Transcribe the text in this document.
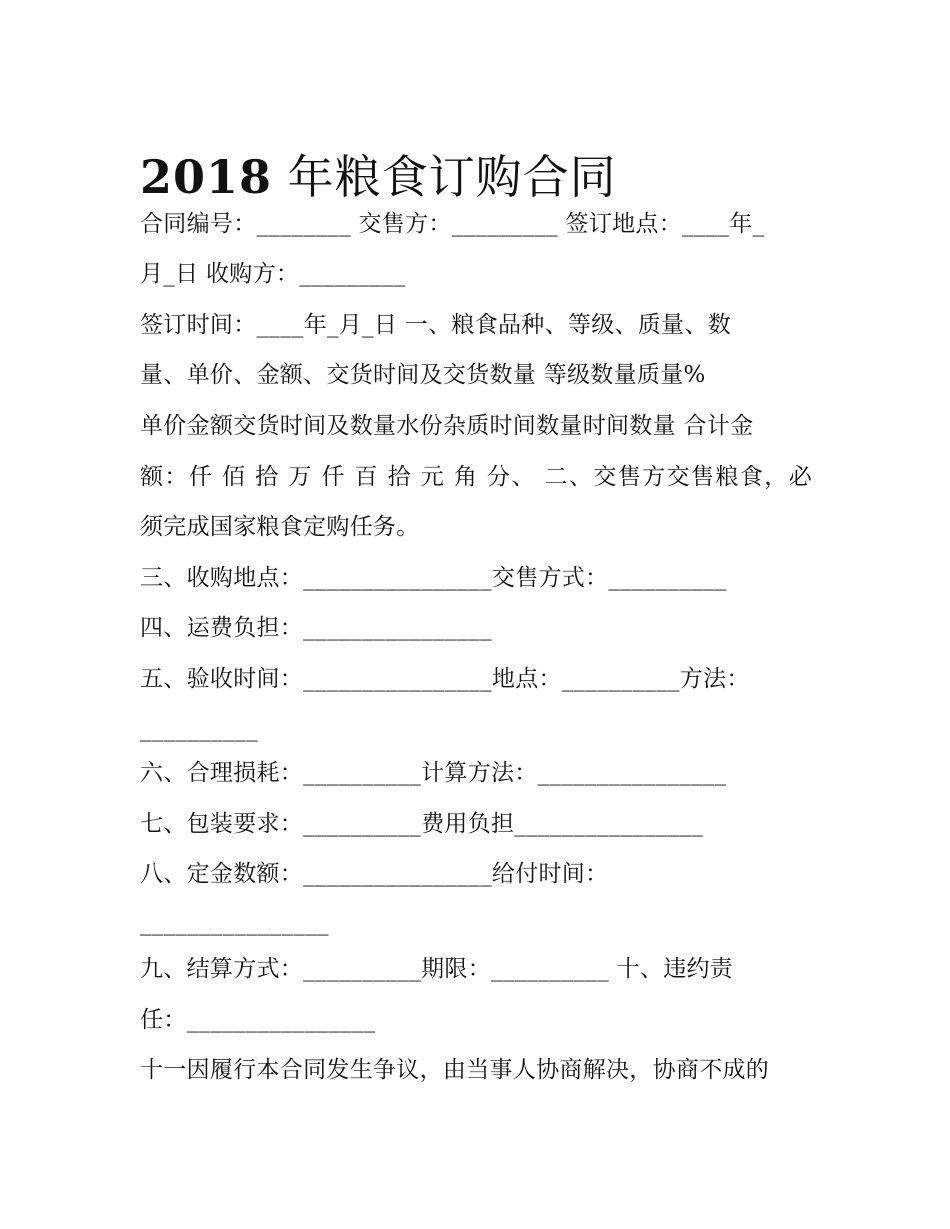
2018 年粮食订购合同
合同编号：________ 交售方：_________ 签订地点：____年_
月_日 收购方：_________
签订时间：____年_月_日 一、粮食品种、等级、质量、数
量、单价、金额、交货时间及交货数量 等级数量质量%
单价金额交货时间及数量水份杂质时间数量时间数量 合计金
额：仟 佰 拾 万 仟 百 拾 元 角 分、 二、交售方交售粮食，必
须完成国家粮食定购任务。
三、收购地点：________________交售方式：__________
四、运费负担：________________
五、验收时间：________________地点：__________方法：
__________
六、合理损耗：__________计算方法：________________
七、包装要求：__________费用负担________________
八、定金数额：________________给付时间：
________________
九、结算方式：__________期限：__________ 十、违约责
任：________________
十一因履行本合同发生争议，由当事人协商解决，协商不成的
